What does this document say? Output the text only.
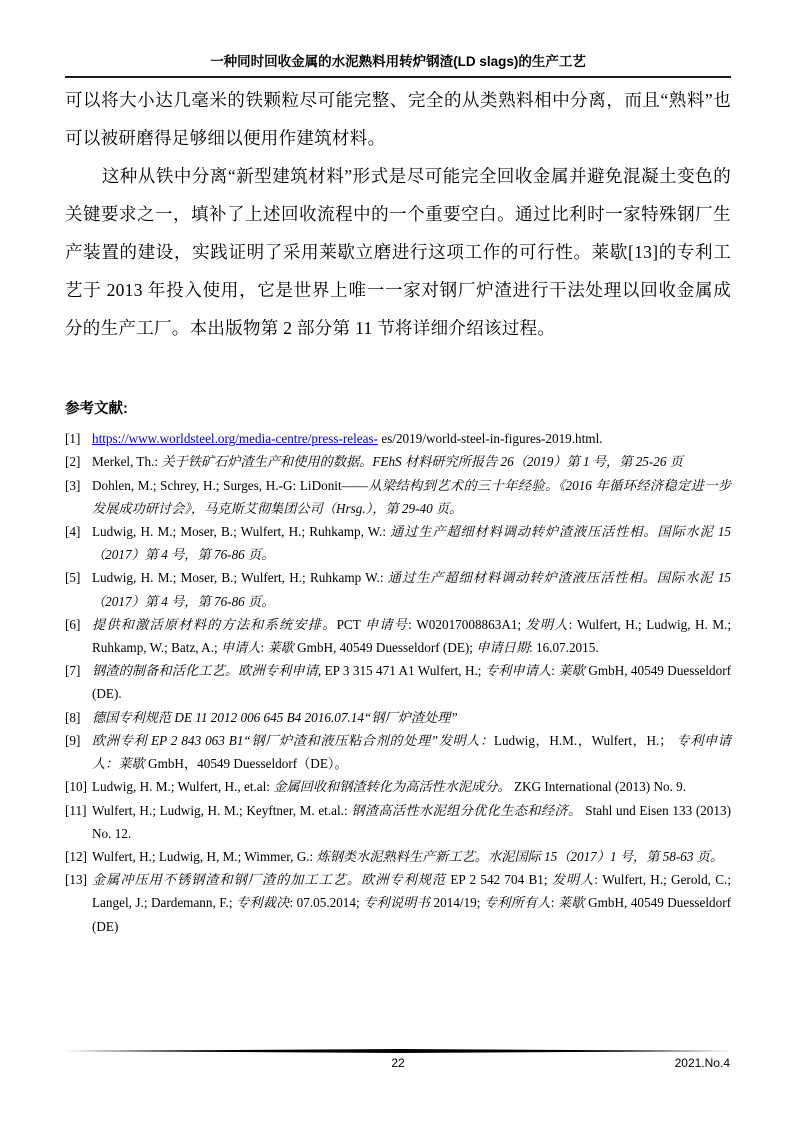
一种同时回收金属的水泥熟料用转炉钢渣(LD slags)的生产工艺

可以将大小达几毫米的铁颗粒尽可能完整、完全的从类熟料相中分离，而且“熟料”也可以被研磨得足够细以便用作建筑材料。

这种从铁中分离“新型建筑材料”形式是尽可能完全回收金属并避免混凝土变色的关键要求之一，填补了上述回收流程中的一个重要空白。通过比利时一家特殊钢厂生产装置的建设，实践证明了采用莱歇立磨进行这项工作的可行性。莱歇[13]的专利工艺于 2013 年投入使用，它是世界上唯一一家对钢厂炉渣进行干法处理以回收金属成分的生产工厂。本出版物第 2 部分第 11 节将详细介绍该过程。

参考文献:
[1] https://www.worldsteel.org/media-centre/press-releas- es/2019/world-steel-in-figures-2019.html.
[2] Merkel, Th.: 关于铁矿石炉渣生产和使用的数据。FEhS 材料研究所报告 26（2019）第 1 号，第 25-26 页
[3] Dohlen, M.; Schrey, H.; Surges, H.-G: LiDonit——从梁结构到艺术的三十年经验。《2016 年循环经济稳定进一步发展成功研讨会》，马克斯艾彻集团公司（Hrsg.），第 29-40 页。
[4] Ludwig, H. M.; Moser, B.; Wulfert, H.; Ruhkamp, W.: 通过生产超细材料调动转炉渣液压活性相。国际水泥 15（2017）第 4 号，第 76-86 页。
[5] Ludwig, H. M.; Moser, B.; Wulfert, H.; Ruhkamp W.: 通过生产超细材料调动转炉渣液压活性相。国际水泥 15（2017）第 4 号，第 76-86 页。
[6] 提供和激活原材料的方法和系统安排。PCT 申请号: W02017008863A1; 发明人: Wulfert, H.; Ludwig, H. M.; Ruhkamp, W.; Batz, A.; 申请人: 莱歇 GmbH, 40549 Duesseldorf (DE); 申请日期: 16.07.2015.
[7] 钢渣的制备和活化工艺。欧洲专利申请, EP 3 315 471 A1 Wulfert, H.; 专利申请人: 莱歇 GmbH, 40549 Duesseldorf (DE).
[8] 德国专利规范 DE 11 2012 006 645 B4 2016.07.14“钢厂炉渣处理”
[9] 欧洲专利 EP 2 843 063 B1“钢厂炉渣和液压粘合剂的处理”发明人：Ludwig，H.M.，Wulfert，H.； 专利申请人：莱歇 GmbH，40549 Duesseldorf（DE）。
[10] Ludwig, H. M.; Wulfert, H., et.al: 金属回收和钢渣转化为高活性水泥成分。 ZKG International (2013) No. 9.
[11] Wulfert, H.; Ludwig, H. M.; Keyftner, M. et.al.: 钢渣高活性水泥组分优化生态和经济。 Stahl und Eisen 133 (2013) No. 12.
[12] Wulfert, H.; Ludwig, H, M.; Wimmer, G.: 炼钢类水泥熟料生产新工艺。水泥国际 15（2017）1 号，第 58-63 页。
[13] 金属冲压用不锈钢渣和钢厂渣的加工工艺。欧洲专利规范 EP 2 542 704 B1; 发明人: Wulfert, H.; Gerold, C.; Langel, J.; Dardemann, F.; 专利裁决: 07.05.2014; 专利说明书 2014/19; 专利所有人: 莱歇 GmbH, 40549 Duesseldorf (DE)
22	2021.No.4
